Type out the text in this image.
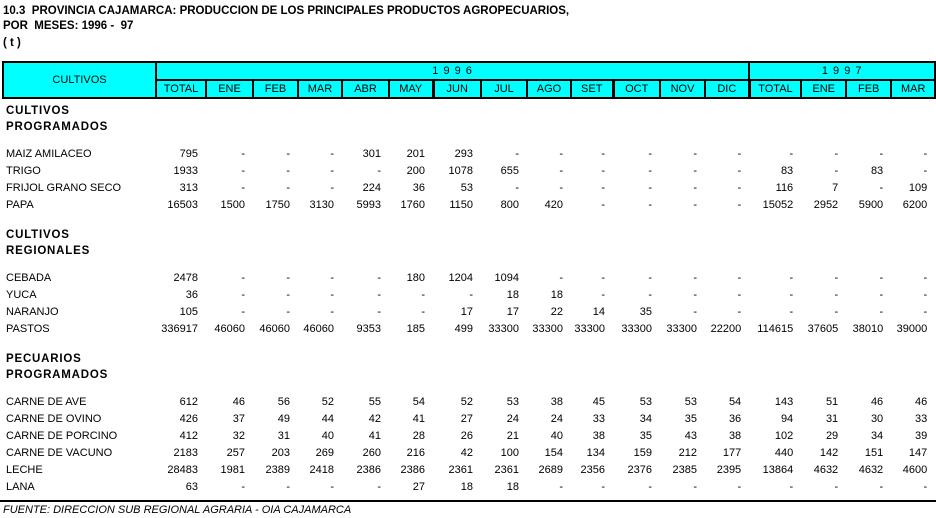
10.3  PROVINCIA CAJAMARCA: PRODUCCION DE LOS PRINCIPALES PRODUCTOS AGROPECUARIOS,
POR  MESES: 1996 -  97
( t )
CULTIVOS	1 9 9 6													1 9 9 7			
	TOTAL	ENE	FEB	MAR	ABR	MAY	JUN	JUL	AGO	SET	OCT	NOV	DIC	TOTAL	ENE	FEB	MAR

CULTIVOS																	
PROGRAMADOS																	

MAIZ AMILACEO	795	-	-	-	301	201	293	-	-	-	-	-	-	-	-	-	-
TRIGO	1933	-	-	-	-	200	1078	655	-	-	-	-	-	83	-	83	-
FRIJOL GRANO SECO	313	-	-	-	224	36	53	-	-	-	-	-	-	116	7	-	109
PAPA	16503	1500	1750	3130	5993	1760	1150	800	420	-	-	-	-	15052	2952	5900	6200

CULTIVOS																	
REGIONALES																	

CEBADA	2478	-	-	-	-	180	1204	1094	-	-	-	-	-	-	-	-	-
YUCA	36	-	-	-	-	-	-	18	18	-	-	-	-	-	-	-	-
NARANJO	105	-	-	-	-	-	17	17	22	14	35	-	-	-	-	-	-
PASTOS	336917	46060	46060	46060	9353	185	499	33300	33300	33300	33300	33300	22200	114615	37605	38010	39000

PECUARIOS																	
PROGRAMADOS																	

CARNE DE AVE	612	46	56	52	55	54	52	53	38	45	53	53	54	143	51	46	46
CARNE DE OVINO	426	37	49	44	42	41	27	24	24	33	34	35	36	94	31	30	33
CARNE DE PORCINO	412	32	31	40	41	28	26	21	40	38	35	43	38	102	29	34	39
CARNE DE VACUNO	2183	257	203	269	260	216	42	100	154	134	159	212	177	440	142	151	147
LECHE	28483	1981	2389	2418	2386	2386	2361	2361	2689	2356	2376	2385	2395	13864	4632	4632	4600
LANA	63	-	-	-	-	27	18	18	-	-	-	-	-	-	-	-	-
FUENTE: DIRECCION SUB REGIONAL AGRARIA - OIA CAJAMARCA
